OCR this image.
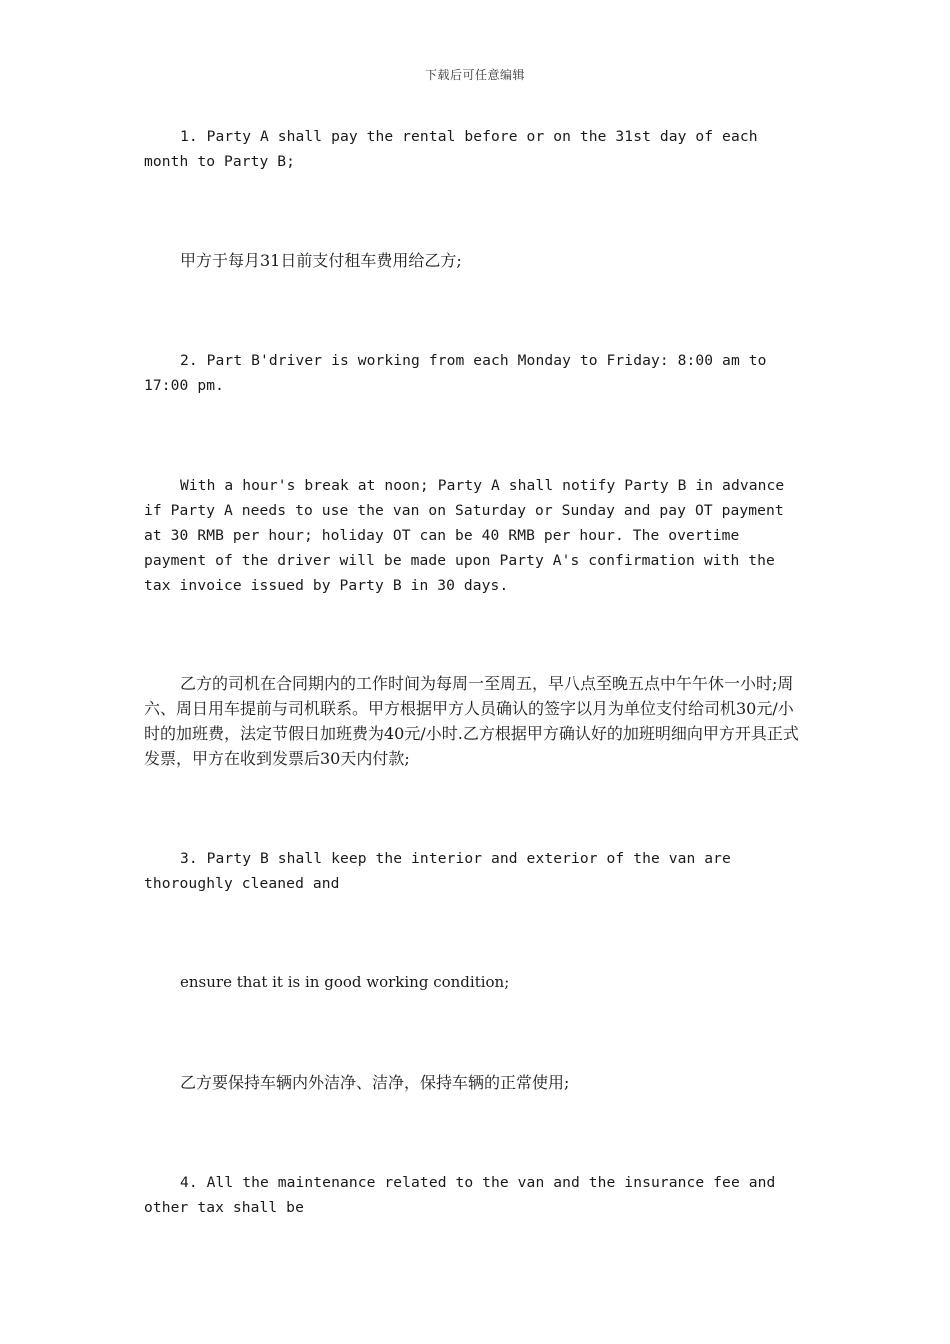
下载后可任意编辑

1. Party A shall pay the rental before or on the 31st day of each month to Party B;

甲方于每月31日前支付租车费用给乙方;

2. Part B'driver is working from each Monday to Friday: 8:00 am to 17:00 pm.

With a hour's break at noon; Party A shall notify Party B in advance if Party A needs to use the van on Saturday or Sunday and pay OT payment at 30 RMB per hour; holiday OT can be 40 RMB per hour. The overtime payment of the driver will be made upon Party A's confirmation with the tax invoice issued by Party B in 30 days.

乙方的司机在合同期内的工作时间为每周一至周五，早八点至晚五点中午午休一小时;周六、周日用车提前与司机联系。甲方根据甲方人员确认的签字以月为单位支付给司机30元/小时的加班费，法定节假日加班费为40元/小时.乙方根据甲方确认好的加班明细向甲方开具正式发票，甲方在收到发票后30天内付款;

3. Party B shall keep the interior and exterior of the van are thoroughly cleaned and

ensure that it is in good working condition;

乙方要保持车辆内外洁净、洁净，保持车辆的正常使用;

4. All the maintenance related to the van and the insurance fee and other tax shall be
